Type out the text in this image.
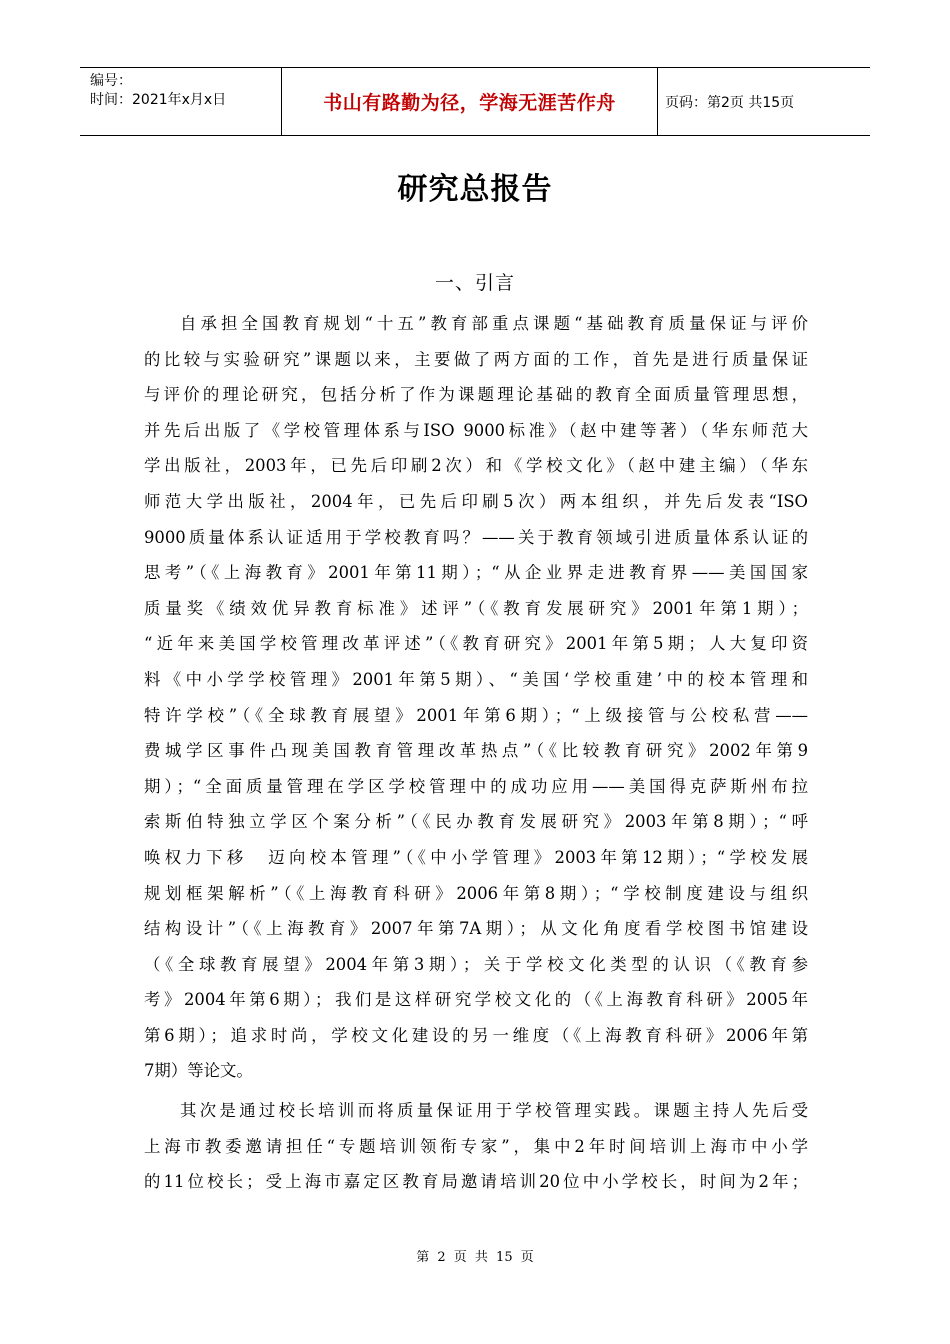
编号：
时间：2021年x月x日	书山有路勤为径，学海无涯苦作舟	页码：第2页 共15页
研究总报告
一、引言
自承担全国教育规划“十五”教育部重点课题“基础教育质量保证与评价
的比较与实验研究”课题以来，主要做了两方面的工作，首先是进行质量保证
与评价的理论研究，包括分析了作为课题理论基础的教育全面质量管理思想，
并先后出版了《学校管理体系与ISO 9000标准》（赵中建等著）（华东师范大
学出版社，2003年，已先后印刷2次）和《学校文化》（赵中建主编）（华东
师范大学出版社，2004年，已先后印刷5次）两本组织，并先后发表“ISO
9000质量体系认证适用于学校教育吗？——关于教育领域引进质量体系认证的
思考”（《上海教育》2001年第11期）；“从企业界走进教育界——美国国家
质量奖《绩效优异教育标准》述评”（《教育发展研究》2001年第1期）；
“近年来美国学校管理改革评述”（《教育研究》2001年第5期；人大复印资
料《中小学学校管理》2001年第5期）、“美国‘学校重建’中的校本管理和
特许学校”（《全球教育展望》2001年第6期）；“上级接管与公校私营——
费城学区事件凸现美国教育管理改革热点”（《比较教育研究》2002年第9
期）；“全面质量管理在学区学校管理中的成功应用——美国得克萨斯州布拉
索斯伯特独立学区个案分析”（《民办教育发展研究》2003年第8期）；“呼
唤权力下移　迈向校本管理”（《中小学管理》2003年第12期）；“学校发展
规划框架解析”（《上海教育科研》2006年第8期）；“学校制度建设与组织
结构设计”（《上海教育》2007年第7A期）；从文化角度看学校图书馆建设
（《全球教育展望》2004年第3期）；关于学校文化类型的认识（《教育参
考》2004年第6期）；我们是这样研究学校文化的（《上海教育科研》2005年
第6期）；追求时尚，学校文化建设的另一维度（《上海教育科研》2006年第
7期）等论文。
其次是通过校长培训而将质量保证用于学校管理实践。课题主持人先后受
上海市教委邀请担任“专题培训领衔专家”，集中2年时间培训上海市中小学
的11位校长；受上海市嘉定区教育局邀请培训20位中小学校长，时间为2年；
第 2 页 共 15 页
